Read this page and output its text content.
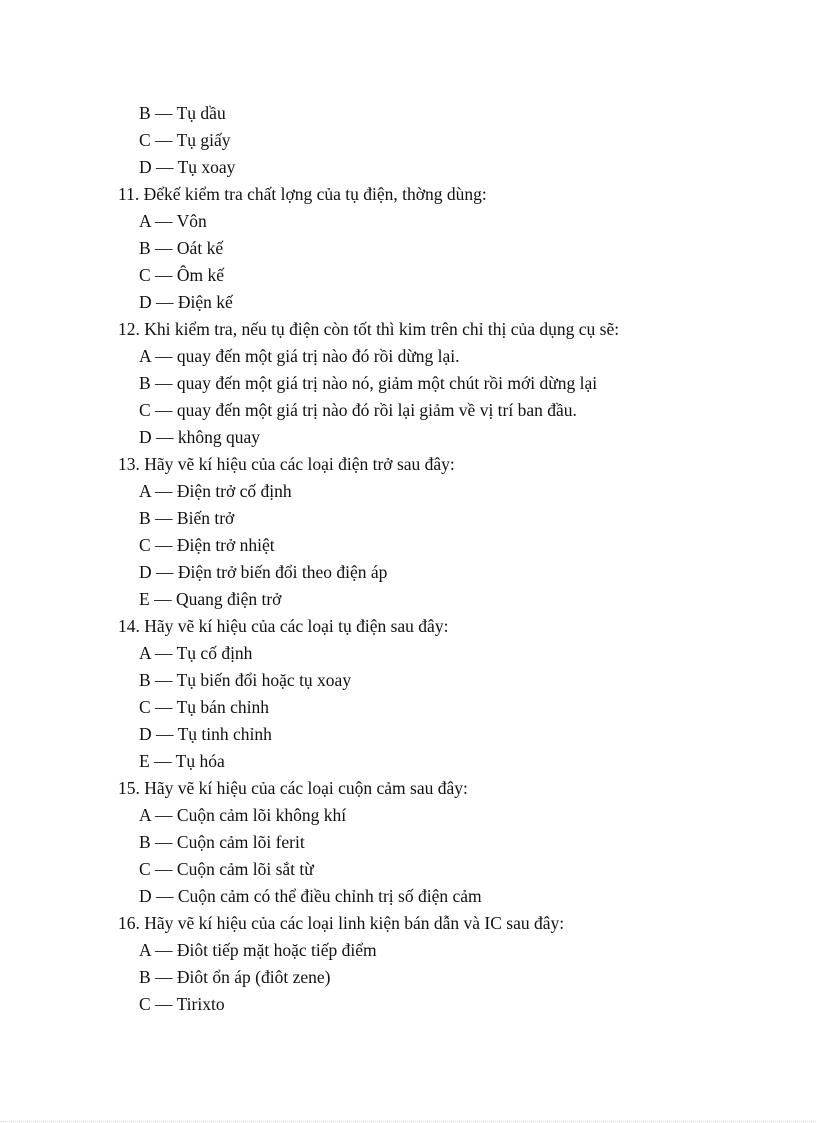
B — Tụ dầu
C — Tụ giấy
D — Tụ xoay
11. Đểkế kiểm tra chất lợng của tụ điện, thờng dùng:
A — Vôn
B — Oát kế
C — Ôm kế
D — Điện kế
12. Khi kiểm tra, nếu tụ điện còn tốt thì kim trên chỉ thị của dụng cụ sẽ:
A — quay đến một giá trị nào đó rồi dừng lại.
B — quay đến một giá trị nào nó, giảm một chút rồi mới dừng lại
C — quay đến một giá trị nào đó rồi lại giảm về vị trí ban đầu.
D — không quay
13. Hãy vẽ kí hiệu của các loại điện trở sau đây:
A — Điện trở cố định
B — Biến trở
C — Điện trở nhiệt
D — Điện trở biến đổi theo điện áp
E — Quang điện trở
14. Hãy vẽ kí hiệu của các loại tụ điện sau đây:
A — Tụ cố định
B — Tụ biến đổi hoặc tụ xoay
C — Tụ bán chỉnh
D — Tụ tinh chỉnh
E — Tụ hóa
15. Hãy vẽ kí hiệu của các loại cuộn cảm sau đây:
A — Cuộn cảm lõi không khí
B — Cuộn cảm lõi ferit
C — Cuộn cảm lõi sắt từ
D — Cuộn cảm có thể điều chỉnh trị số điện cảm
16. Hãy vẽ kí hiệu của các loại linh kiện bán dẫn và IC sau đây:
A — Điôt tiếp mặt hoặc tiếp điểm
B — Điôt ổn áp (điôt zene)
C — Tirixto
